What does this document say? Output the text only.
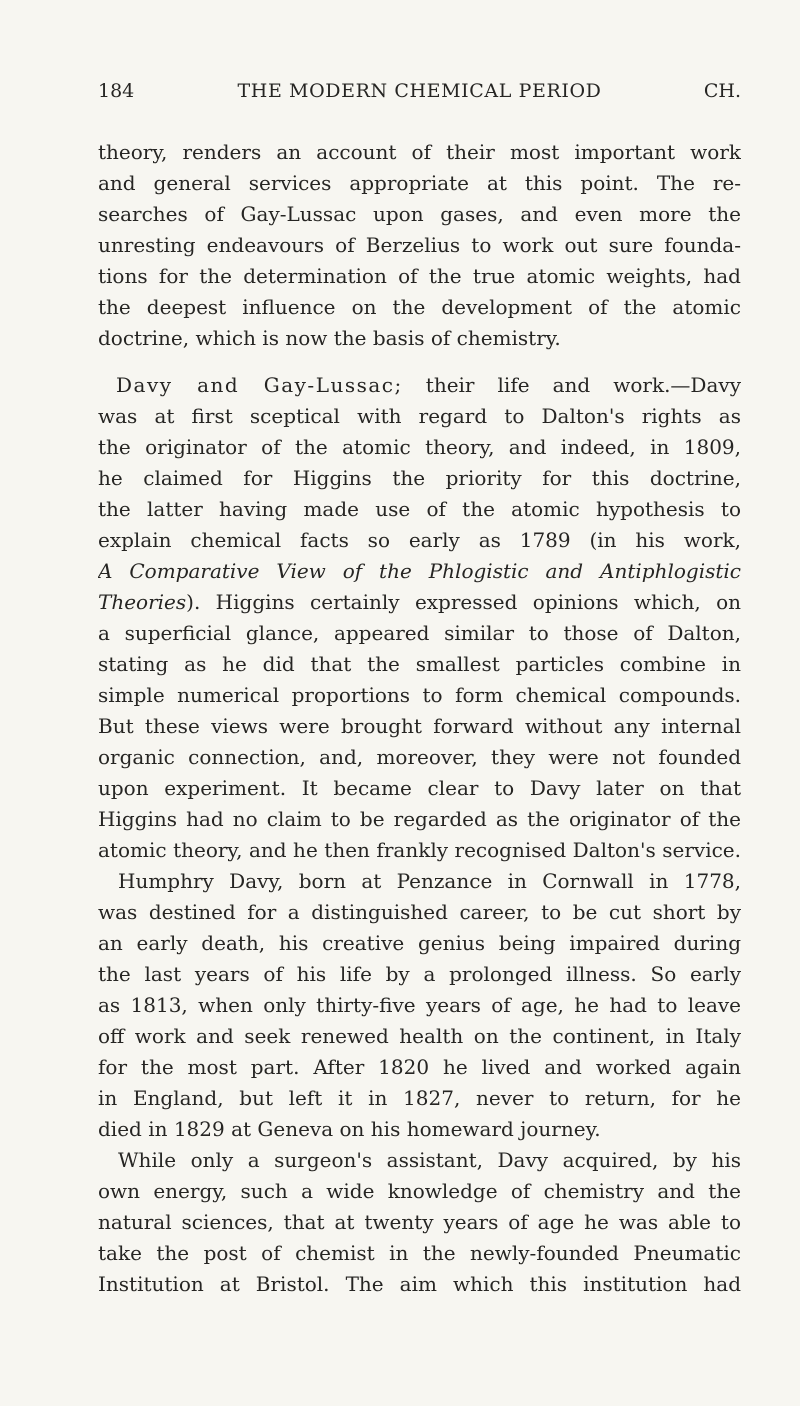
184	THE MODERN CHEMICAL PERIOD	CH.
theory, renders an account of their most important work
and general services appropriate at this point. The re-
searches of Gay-Lussac upon gases, and even more the
unresting endeavours of Berzelius to work out sure founda-
tions for the determination of the true atomic weights, had
the deepest influence on the development of the atomic
doctrine, which is now the basis of chemistry.
Davy and Gay-Lussac; their life and work.—Davy
was at first sceptical with regard to Dalton's rights as
the originator of the atomic theory, and indeed, in 1809,
he claimed for Higgins the priority for this doctrine,
the latter having made use of the atomic hypothesis to
explain chemical facts so early as 1789 (in his work,
A Comparative View of the Phlogistic and Antiphlogistic
Theories). Higgins certainly expressed opinions which, on
a superficial glance, appeared similar to those of Dalton,
stating as he did that the smallest particles combine in
simple numerical proportions to form chemical compounds.
But these views were brought forward without any internal
organic connection, and, moreover, they were not founded
upon experiment. It became clear to Davy later on that
Higgins had no claim to be regarded as the originator of the
atomic theory, and he then frankly recognised Dalton's service.
Humphry Davy, born at Penzance in Cornwall in 1778,
was destined for a distinguished career, to be cut short by
an early death, his creative genius being impaired during
the last years of his life by a prolonged illness. So early
as 1813, when only thirty-five years of age, he had to leave
off work and seek renewed health on the continent, in Italy
for the most part. After 1820 he lived and worked again
in England, but left it in 1827, never to return, for he
died in 1829 at Geneva on his homeward journey.
While only a surgeon's assistant, Davy acquired, by his
own energy, such a wide knowledge of chemistry and the
natural sciences, that at twenty years of age he was able to
take the post of chemist in the newly-founded Pneumatic
Institution at Bristol. The aim which this institution had
